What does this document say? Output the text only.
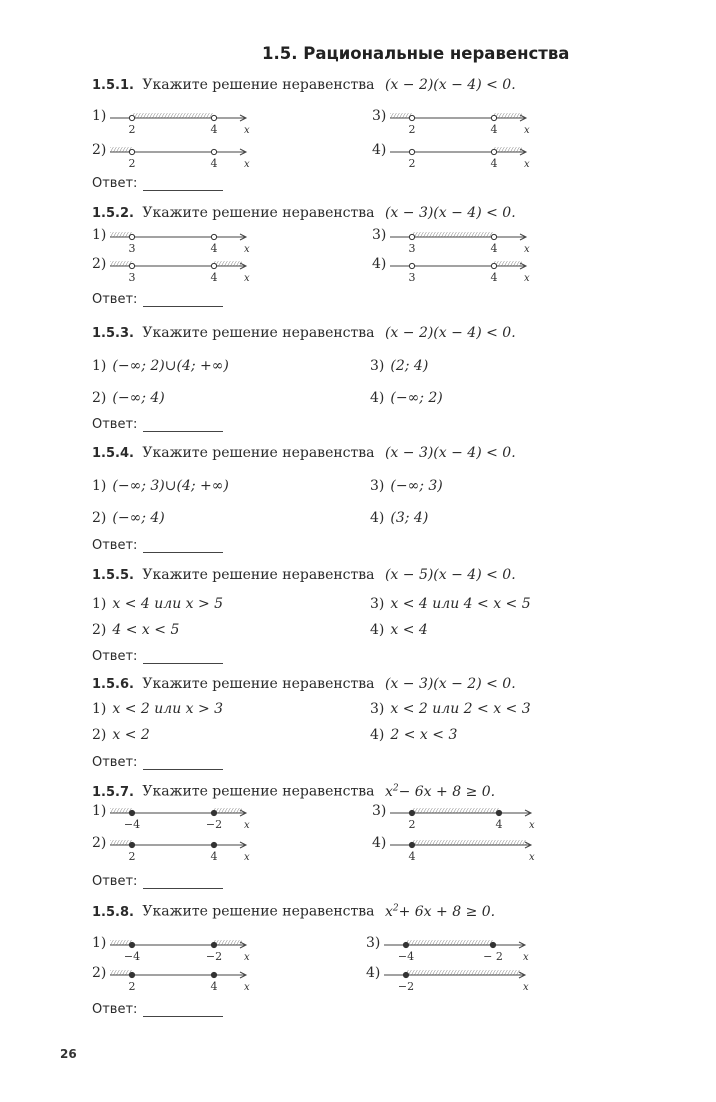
1.5. Рациональные неравенства
1.5.1. Укажите решение неравенства (x − 2)(x − 4) < 0.
1)
x
2	4
3)
x
2	4
2)
x
2	4
4)
x
2	4
Ответ:
1.5.2. Укажите решение неравенства (x − 3)(x − 4) < 0.
1)
x
3	4
3)
x
3	4
2)
x
3	4
4)
x
3	4
Ответ:
1.5.3. Укажите решение неравенства (x − 2)(x − 4) < 0.
1) (−∞; 2)∪(4; +∞)	3) (2; 4)
2) (−∞; 4)	4) (−∞; 2)
Ответ:
1.5.4. Укажите решение неравенства (x − 3)(x − 4) < 0.
1) (−∞; 3)∪(4; +∞)	3) (−∞; 3)
2) (−∞; 4)	4) (3; 4)
Ответ:
1.5.5. Укажите решение неравенства (x − 5)(x − 4) < 0.
1) x < 4 или x > 5	3) x < 4 или 4 < x < 5
2) 4 < x < 5	4) x < 4
Ответ:
1.5.6. Укажите решение неравенства (x − 3)(x − 2) < 0.
1) x < 2 или x > 3	3) x < 2 или 2 < x < 3
2) x < 2	4) 2 < x < 3
Ответ:
1.5.7. Укажите решение неравенства $x^2- 6x + 8 \ge 0$.
1)
x
−4	−2
3)
x
2	4
2)
x
2	4
4)
x
4
Ответ:
1.5.8. Укажите решение неравенства $x^2+ 6x + 8 \ge 0$.
1)
x
−4	−2
3)
x
−4	− 2
2)
x
2	4
4)
x
−2
Ответ:
26
